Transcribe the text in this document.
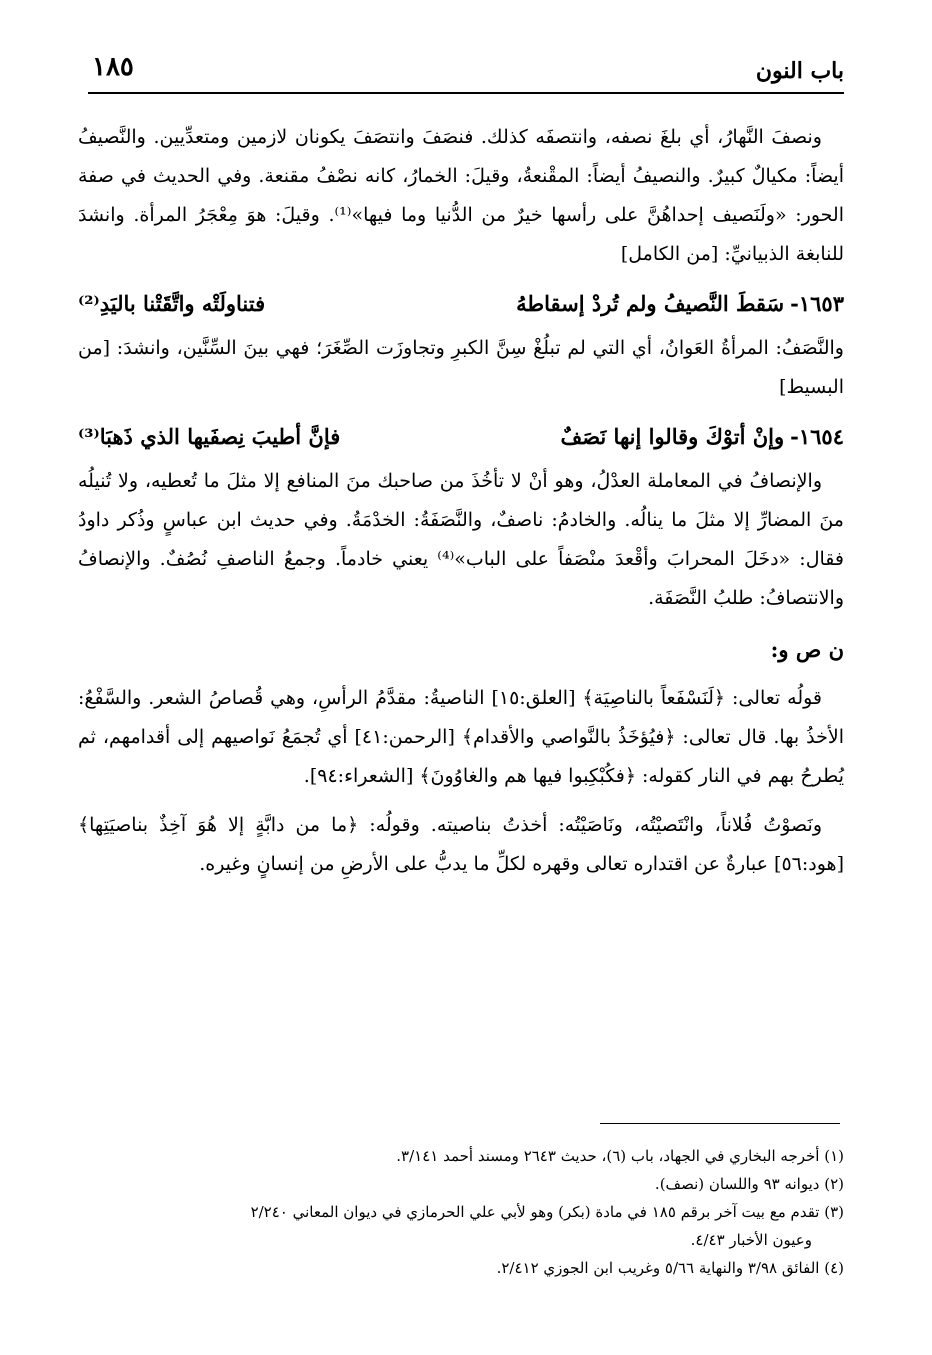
باب النون
١٨٥

ونصفَ النَّهارُ، أي بلغَ نصفه، وانتصفَه كذلك. فنصَفَ وانتصَفَ يكونان لازمين ومتعدِّيين. والنَّصيفُ أيضاً: مكيالٌ كبيرٌ. والنصيفُ أيضاً: المقْنعةُ، وقيلَ: الخمارُ، كانه نصْفُ مقنعة. وفي الحديث في صفة الحور: «ولَنَصيف إحداهُنَّ على رأسها خيرٌ من الدُّنيا وما فيها»⁽¹⁾. وقيلَ: هوَ مِعْجَرُ المرأة. وانشدَ للنابغة الذبيانيِّ: [من الكامل]

١٦٥٣-سَقطَ النَّصيفُ ولم تُردْ إسقاطهُ
فتناولَتْه واتَّقَتْنا باليَدِ⁽²⁾

والنَّصَفُ: المرأةُ العَوانُ، أي التي لم تبلُغْ سِنَّ الكبرِ وتجاوزَت الصِّغَرَ؛ فهي بينَ السِّنَّين، وانشدَ: [من البسيط]

١٦٥٤-وإنْ أتوْكَ وقالوا إنها نَصَفٌ
فإنَّ أطيبَ نِصفَيها الذي ذَهبَا⁽³⁾

والإنصافُ في المعاملة العدْلُ، وهو أنْ لا تأخُذَ من صاحبك منَ المنافع إلا مثلَ ما تُعطيه، ولا تُنيلُه منَ المضارِّ إلا مثلَ ما ينالُه. والخادمُ: ناصفٌ، والنَّصَفَةُ: الخدْمَةُ. وفي حديث ابن عباسٍ وذُكر داودُ فقال: «دخَلَ المحرابَ وأقْعدَ منْصَفاً على الباب»⁽⁴⁾ يعني خادماً. وجمعُ الناصفِ نُصُفٌ. والإنصافُ والانتصافُ: طلبُ النَّصَفَة.

ن ص و:

قولُه تعالى: ﴿لَنَسْفَعاً بالناصِيَة﴾ [العلق:١٥] الناصيةُ: مقدَّمُ الرأسِ، وهي قُصاصُ الشعر. والسَّفْعُ: الأخذُ بها. قال تعالى: ﴿فيُؤخَذُ بالنَّواصي والأقدام﴾ [الرحمن:٤١] أي تُجمَعُ نَواصيهم إلى أقدامهم، ثم يُطرحُ بهم في النار كقوله: ﴿فكُبْكِبوا فيها هم والغاوُونَ﴾ [الشعراء:٩٤].

ونَصوْتُ فُلاناً، وانْتَصيْتُه، ونَاصَيْتُه: أخذتُ بناصيته. وقولُه: ﴿ما من دابَّةٍ إلا هُوَ آخِذٌ بناصيَتِها﴾ [هود:٥٦] عبارةٌ عن اقتداره تعالى وقهره لكلِّ ما يدبُّ على الأرضِ من إنسانٍ وغيره.

(١) أخرجه البخاري في الجهاد، باب (٦)، حديث ٢٦٤٣ ومسند أحمد ٣/١٤١.
(٢) ديوانه ٩٣ واللسان (نصف).
(٣) تقدم مع بيت آخر برقم ١٨٥ في مادة (بكر) وهو لأبي علي الحرمازي في ديوان المعاني ٢/٢٤٠
وعيون الأخبار ٤/٤٣.
(٤) الفائق ٣/٩٨ والنهاية ٥/٦٦ وغريب ابن الجوزي ٢/٤١٢.
